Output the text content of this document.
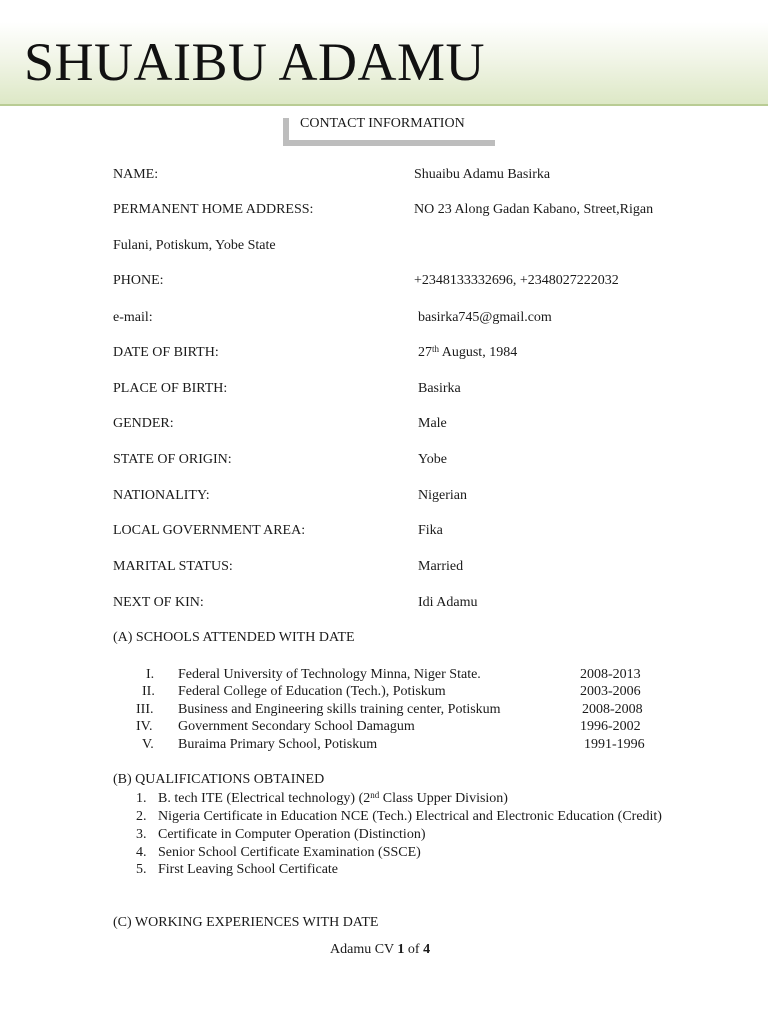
SHUAIBU ADAMU
CONTACT INFORMATION
NAME:	Shuaibu Adamu Basirka
PERMANENT HOME ADDRESS:	NO 23 Along Gadan Kabano, Street,Rigan
Fulani, Potiskum, Yobe State
PHONE:	+2348133332696, +2348027222032
e-mail:	basirka745@gmail.com
DATE OF BIRTH:	27th August, 1984
PLACE OF BIRTH:	Basirka
GENDER:	Male
STATE OF ORIGIN:	Yobe
NATIONALITY:	Nigerian
LOCAL GOVERNMENT AREA:	Fika
MARITAL STATUS:	Married
NEXT OF KIN:	Idi Adamu
(A) SCHOOLS ATTENDED WITH DATE
I. Federal University of Technology Minna, Niger State.	2008-2013
II. Federal College of Education (Tech.), Potiskum	2003-2006
III. Business and Engineering skills training center, Potiskum	2008-2008
IV. Government Secondary School Damagum	1996-2002
V. Buraima Primary School, Potiskum	1991-1996
(B) QUALIFICATIONS OBTAINED
1. B. tech ITE (Electrical technology) (2nd Class Upper Division)
2. Nigeria Certificate in Education NCE (Tech.) Electrical and Electronic Education (Credit)
3. Certificate in Computer Operation (Distinction)
4. Senior School Certificate Examination (SSCE)
5. First Leaving School Certificate
(C) WORKING EXPERIENCES WITH DATE
Adamu CV 1 of 4
